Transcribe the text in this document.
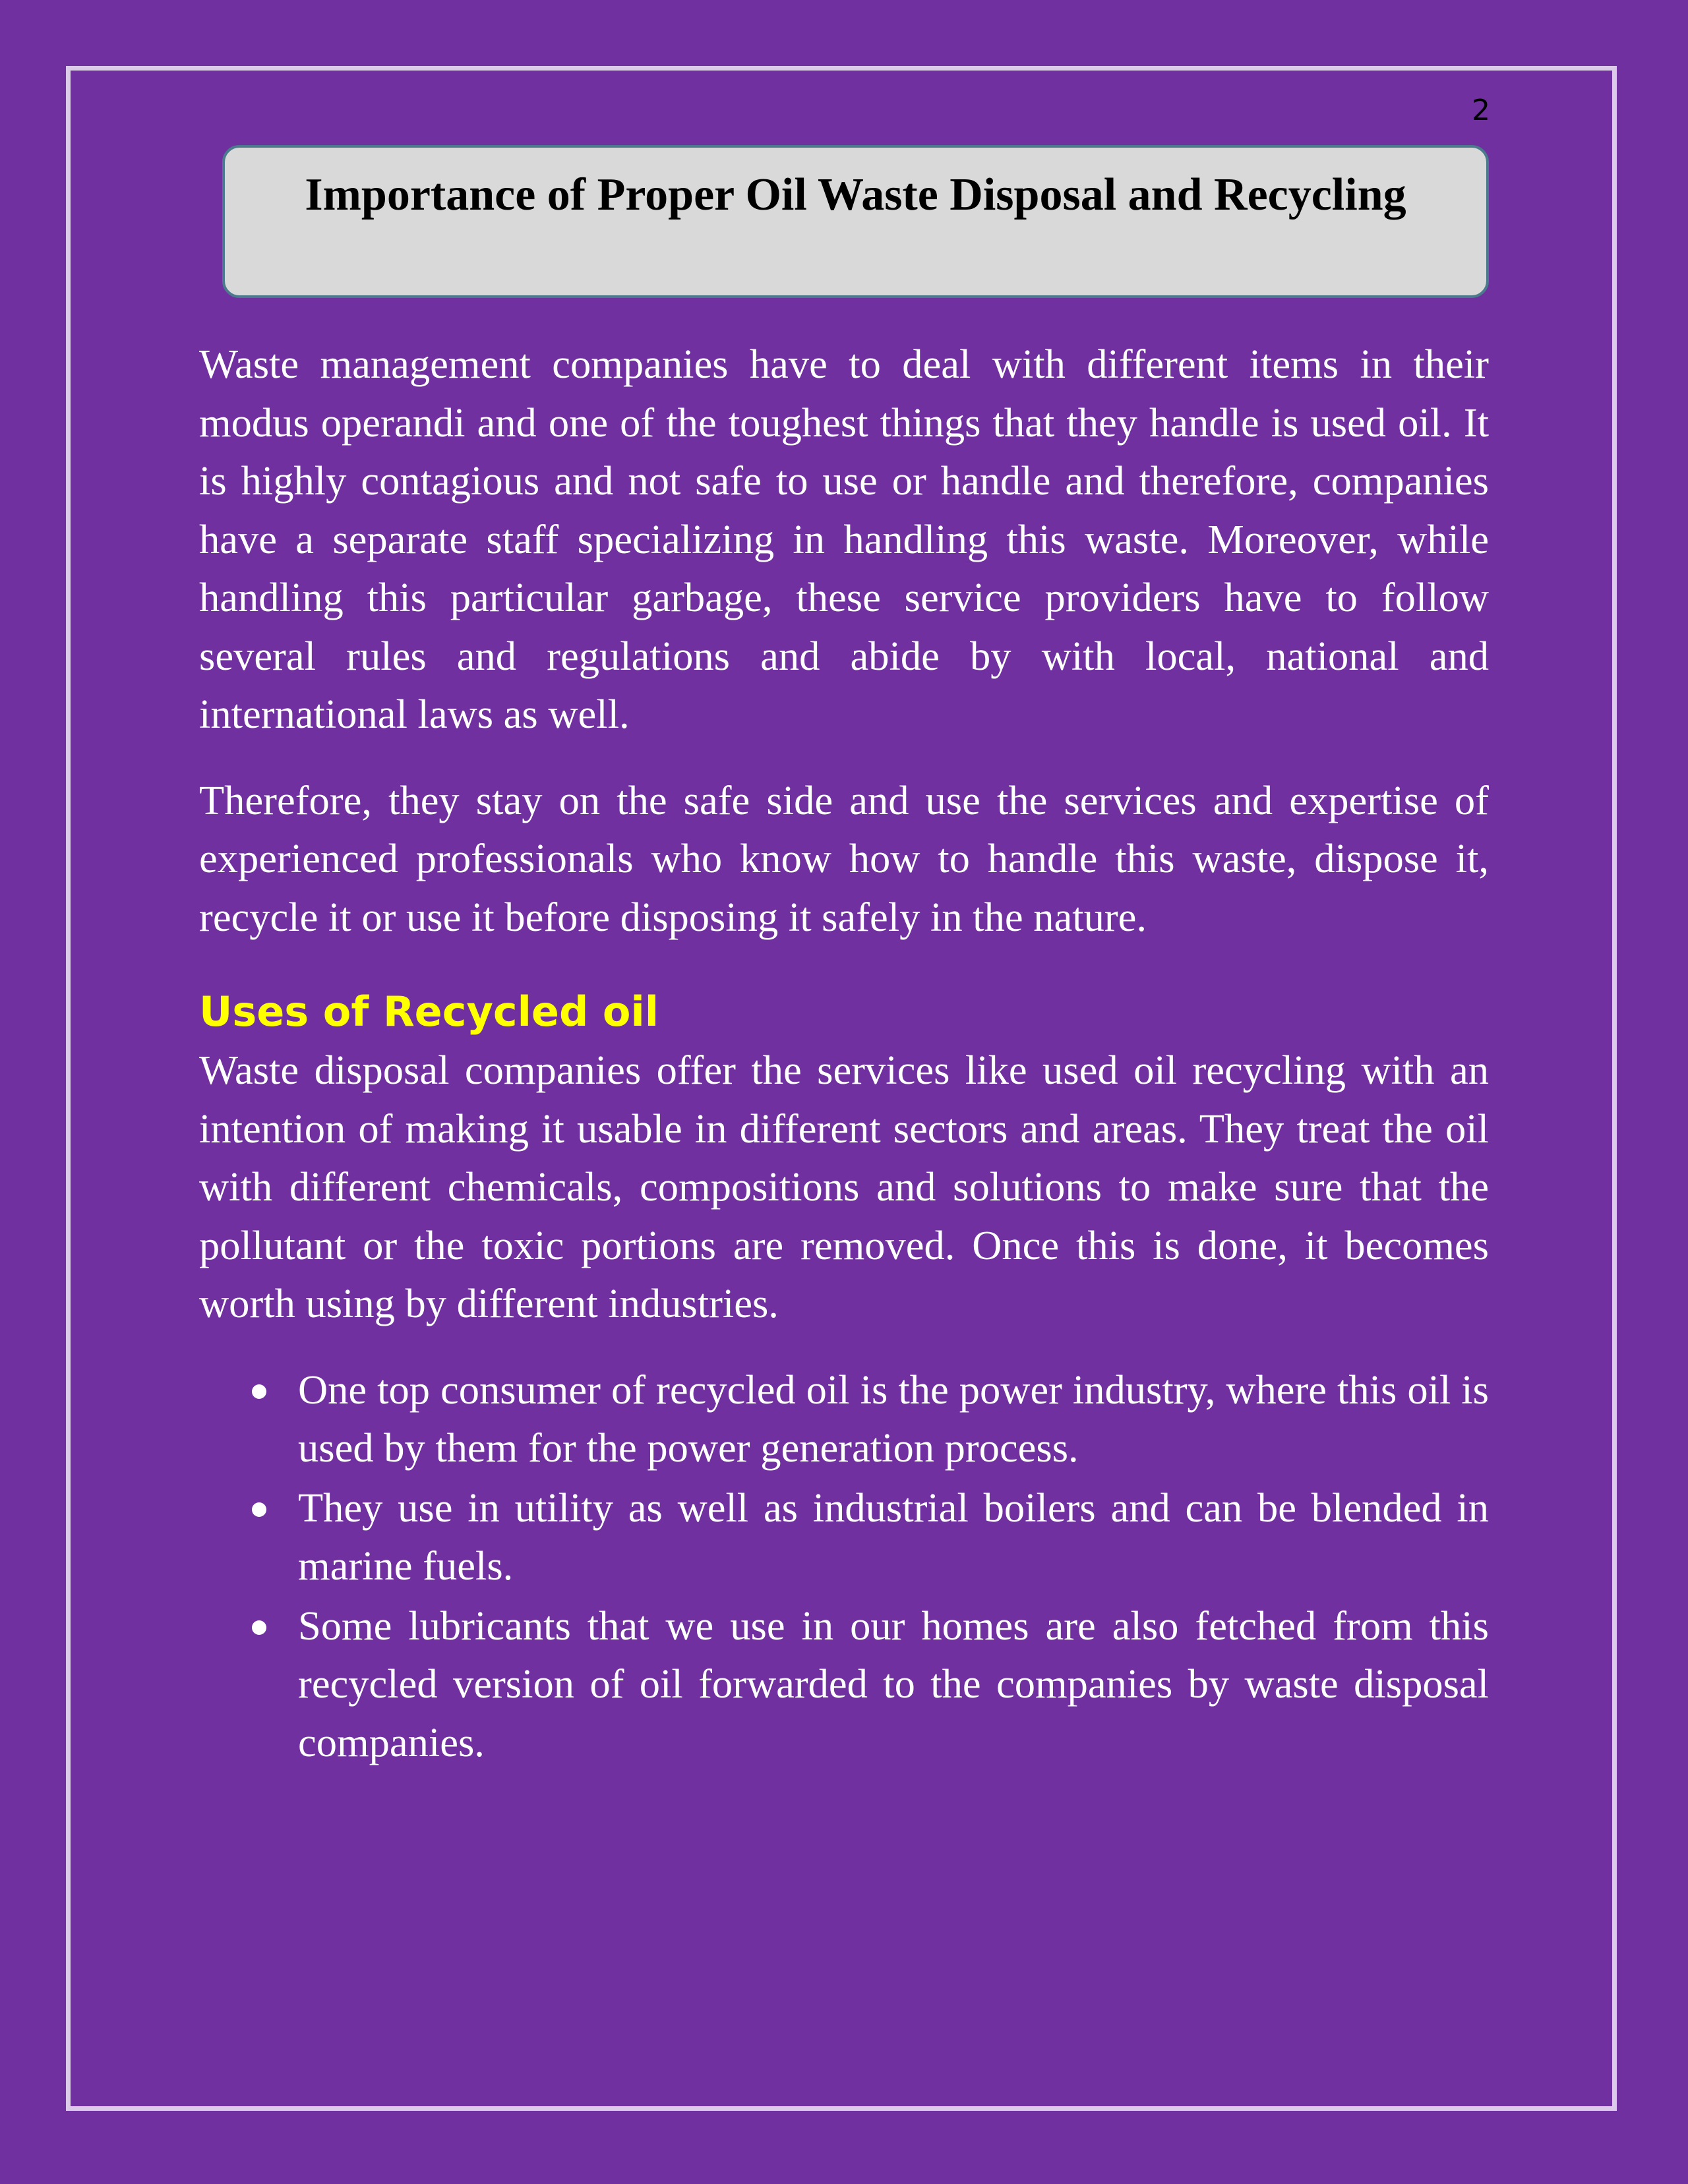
2
Importance of Proper Oil Waste Disposal and Recycling

Waste management companies have to deal with different items in their modus operandi and one of the toughest things that they handle is used oil. It is highly contagious and not safe to use or handle and therefore, companies have a separate staff specializing in handling this waste. Moreover, while handling this particular garbage, these service providers have to follow several rules and regulations and abide by with local, national and international laws as well.

Therefore, they stay on the safe side and use the services and expertise of experienced professionals who know how to handle this waste, dispose it, recycle it or use it before disposing it safely in the nature.

Uses of Recycled oil

Waste disposal companies offer the services like used oil recycling with an intention of making it usable in different sectors and areas. They treat the oil with different chemicals, compositions and solutions to make sure that the pollutant or the toxic portions are removed. Once this is done, it becomes worth using by different industries.

One top consumer of recycled oil is the power industry, where this oil is used by them for the power generation process.
They use in utility as well as industrial boilers and can be blended in marine fuels.
Some lubricants that we use in our homes are also fetched from this recycled version of oil forwarded to the companies by waste disposal companies.
